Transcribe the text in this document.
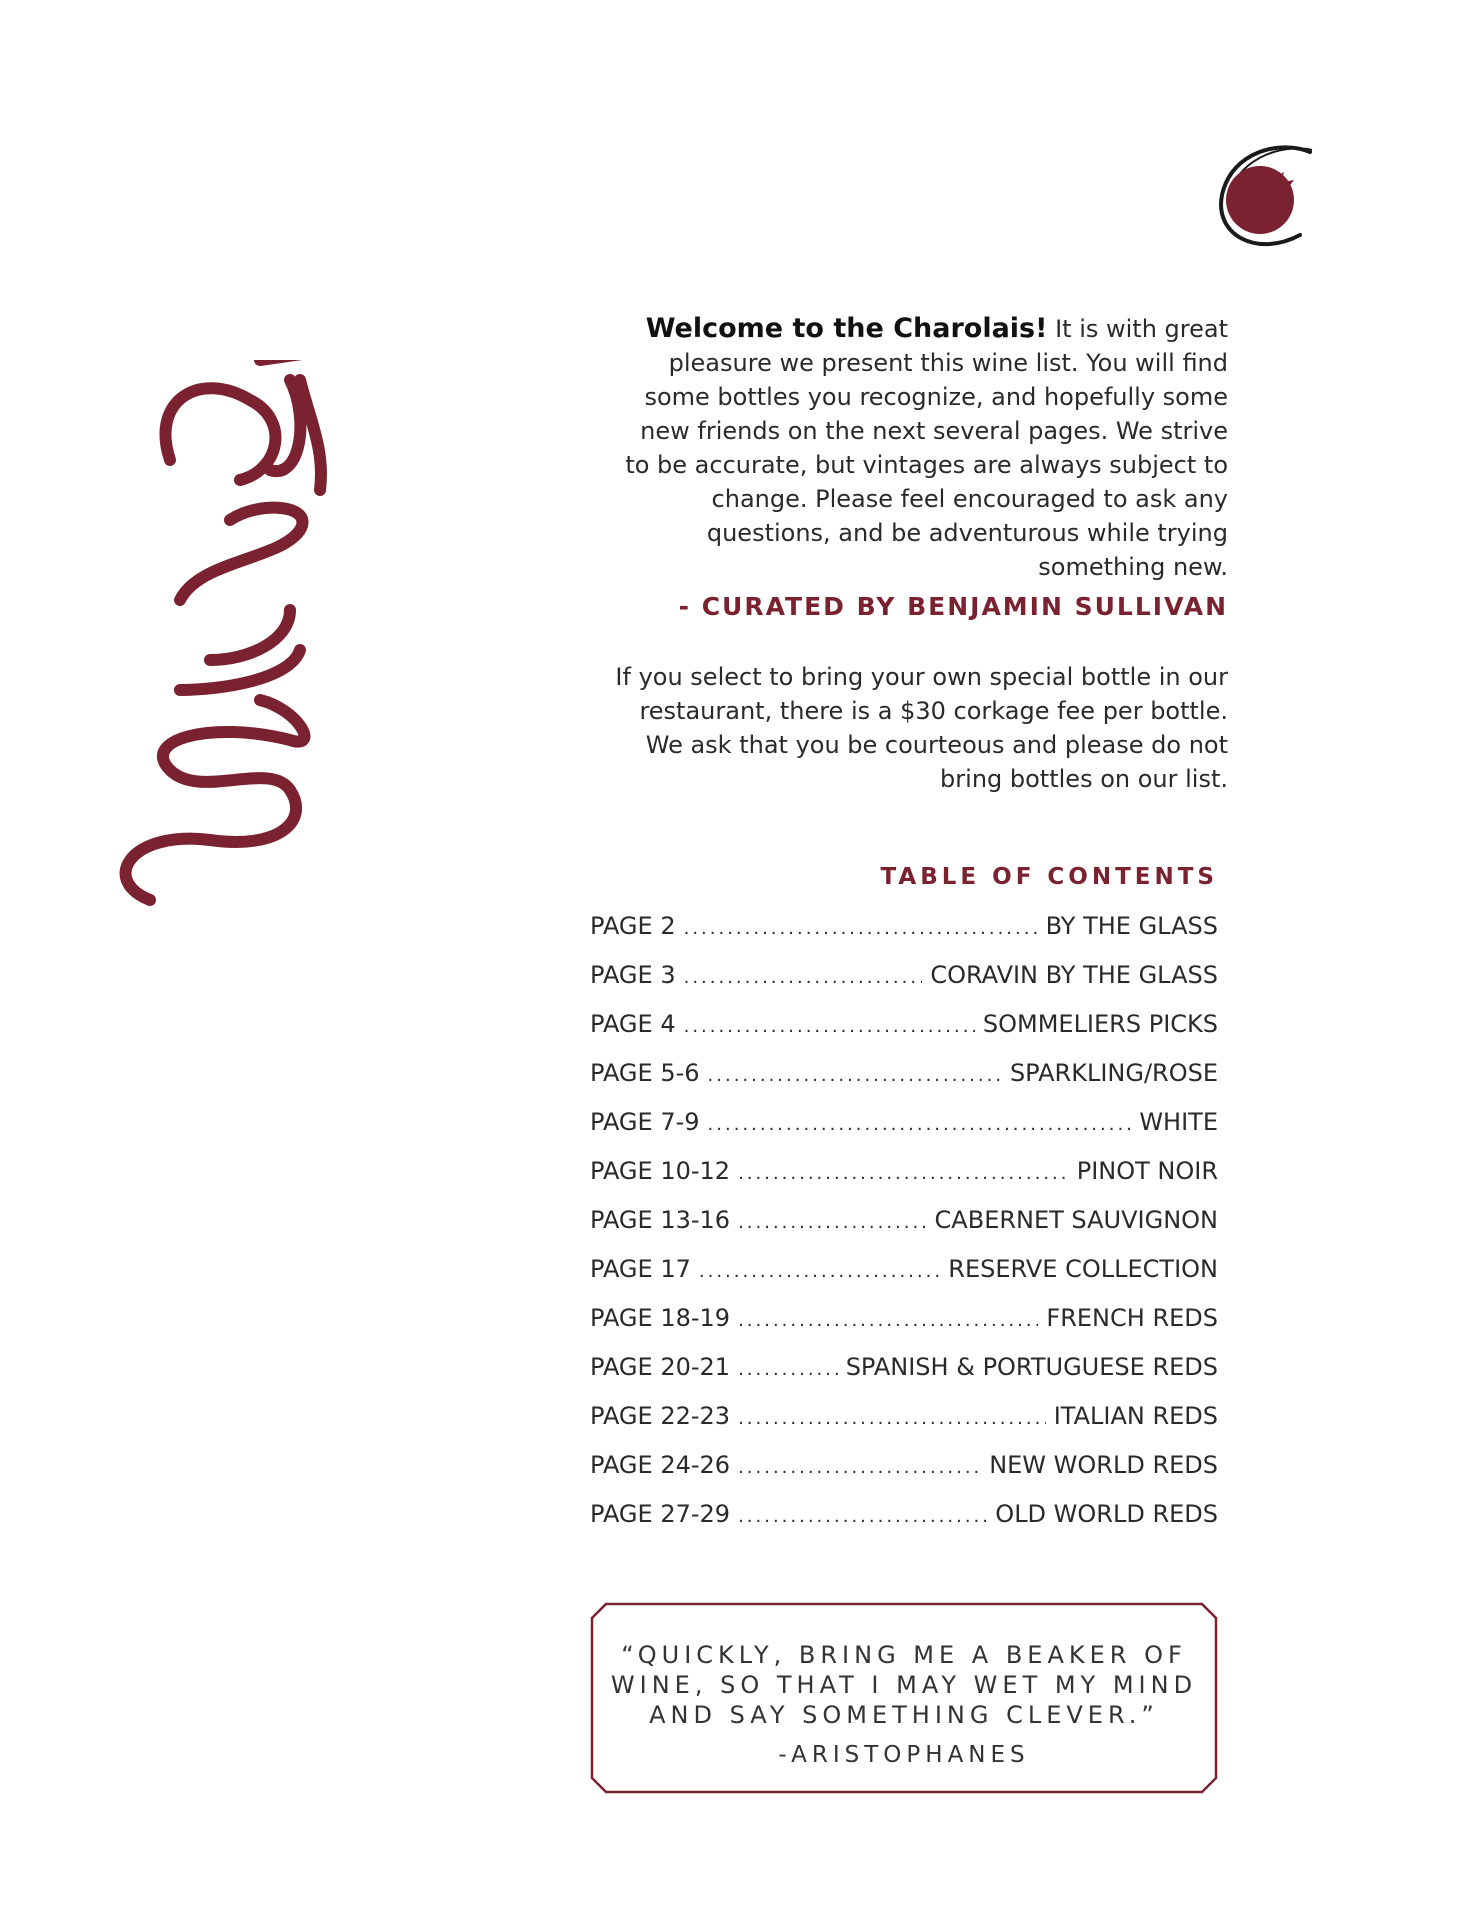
Welcome to the Charolais! It is with great pleasure we present this wine list. You will find some bottles you recognize, and hopefully some new friends on the next several pages. We strive to be accurate, but vintages are always subject to change. Please feel encouraged to ask any questions, and be adventurous while trying something new.
- CURATED BY BENJAMIN SULLIVAN
If you select to bring your own special bottle in our restaurant, there is a $30 corkage fee per bottle. We ask that you be courteous and please do not bring bottles on our list.
TABLE OF CONTENTS
PAGE 2 .....	BY THE GLASS
PAGE 3 .....	CORAVIN BY THE GLASS
PAGE 4 .....	SOMMELIERS PICKS
PAGE 5-6 .....	SPARKLING/ROSE
PAGE 7-9 .....	WHITE
PAGE 10-12 .....	PINOT NOIR
PAGE 13-16 .....	CABERNET SAUVIGNON
PAGE 17 .....	RESERVE COLLECTION
PAGE 18-19 .....	FRENCH REDS
PAGE 20-21 .....	SPANISH & PORTUGUESE REDS
PAGE 22-23 .....	ITALIAN REDS
PAGE 24-26 .....	NEW WORLD REDS
PAGE 27-29 .....	OLD WORLD REDS
“QUICKLY, BRING ME A BEAKER OF
WINE, SO THAT I MAY WET MY MIND
AND SAY SOMETHING CLEVER.”
-ARISTOPHANES
